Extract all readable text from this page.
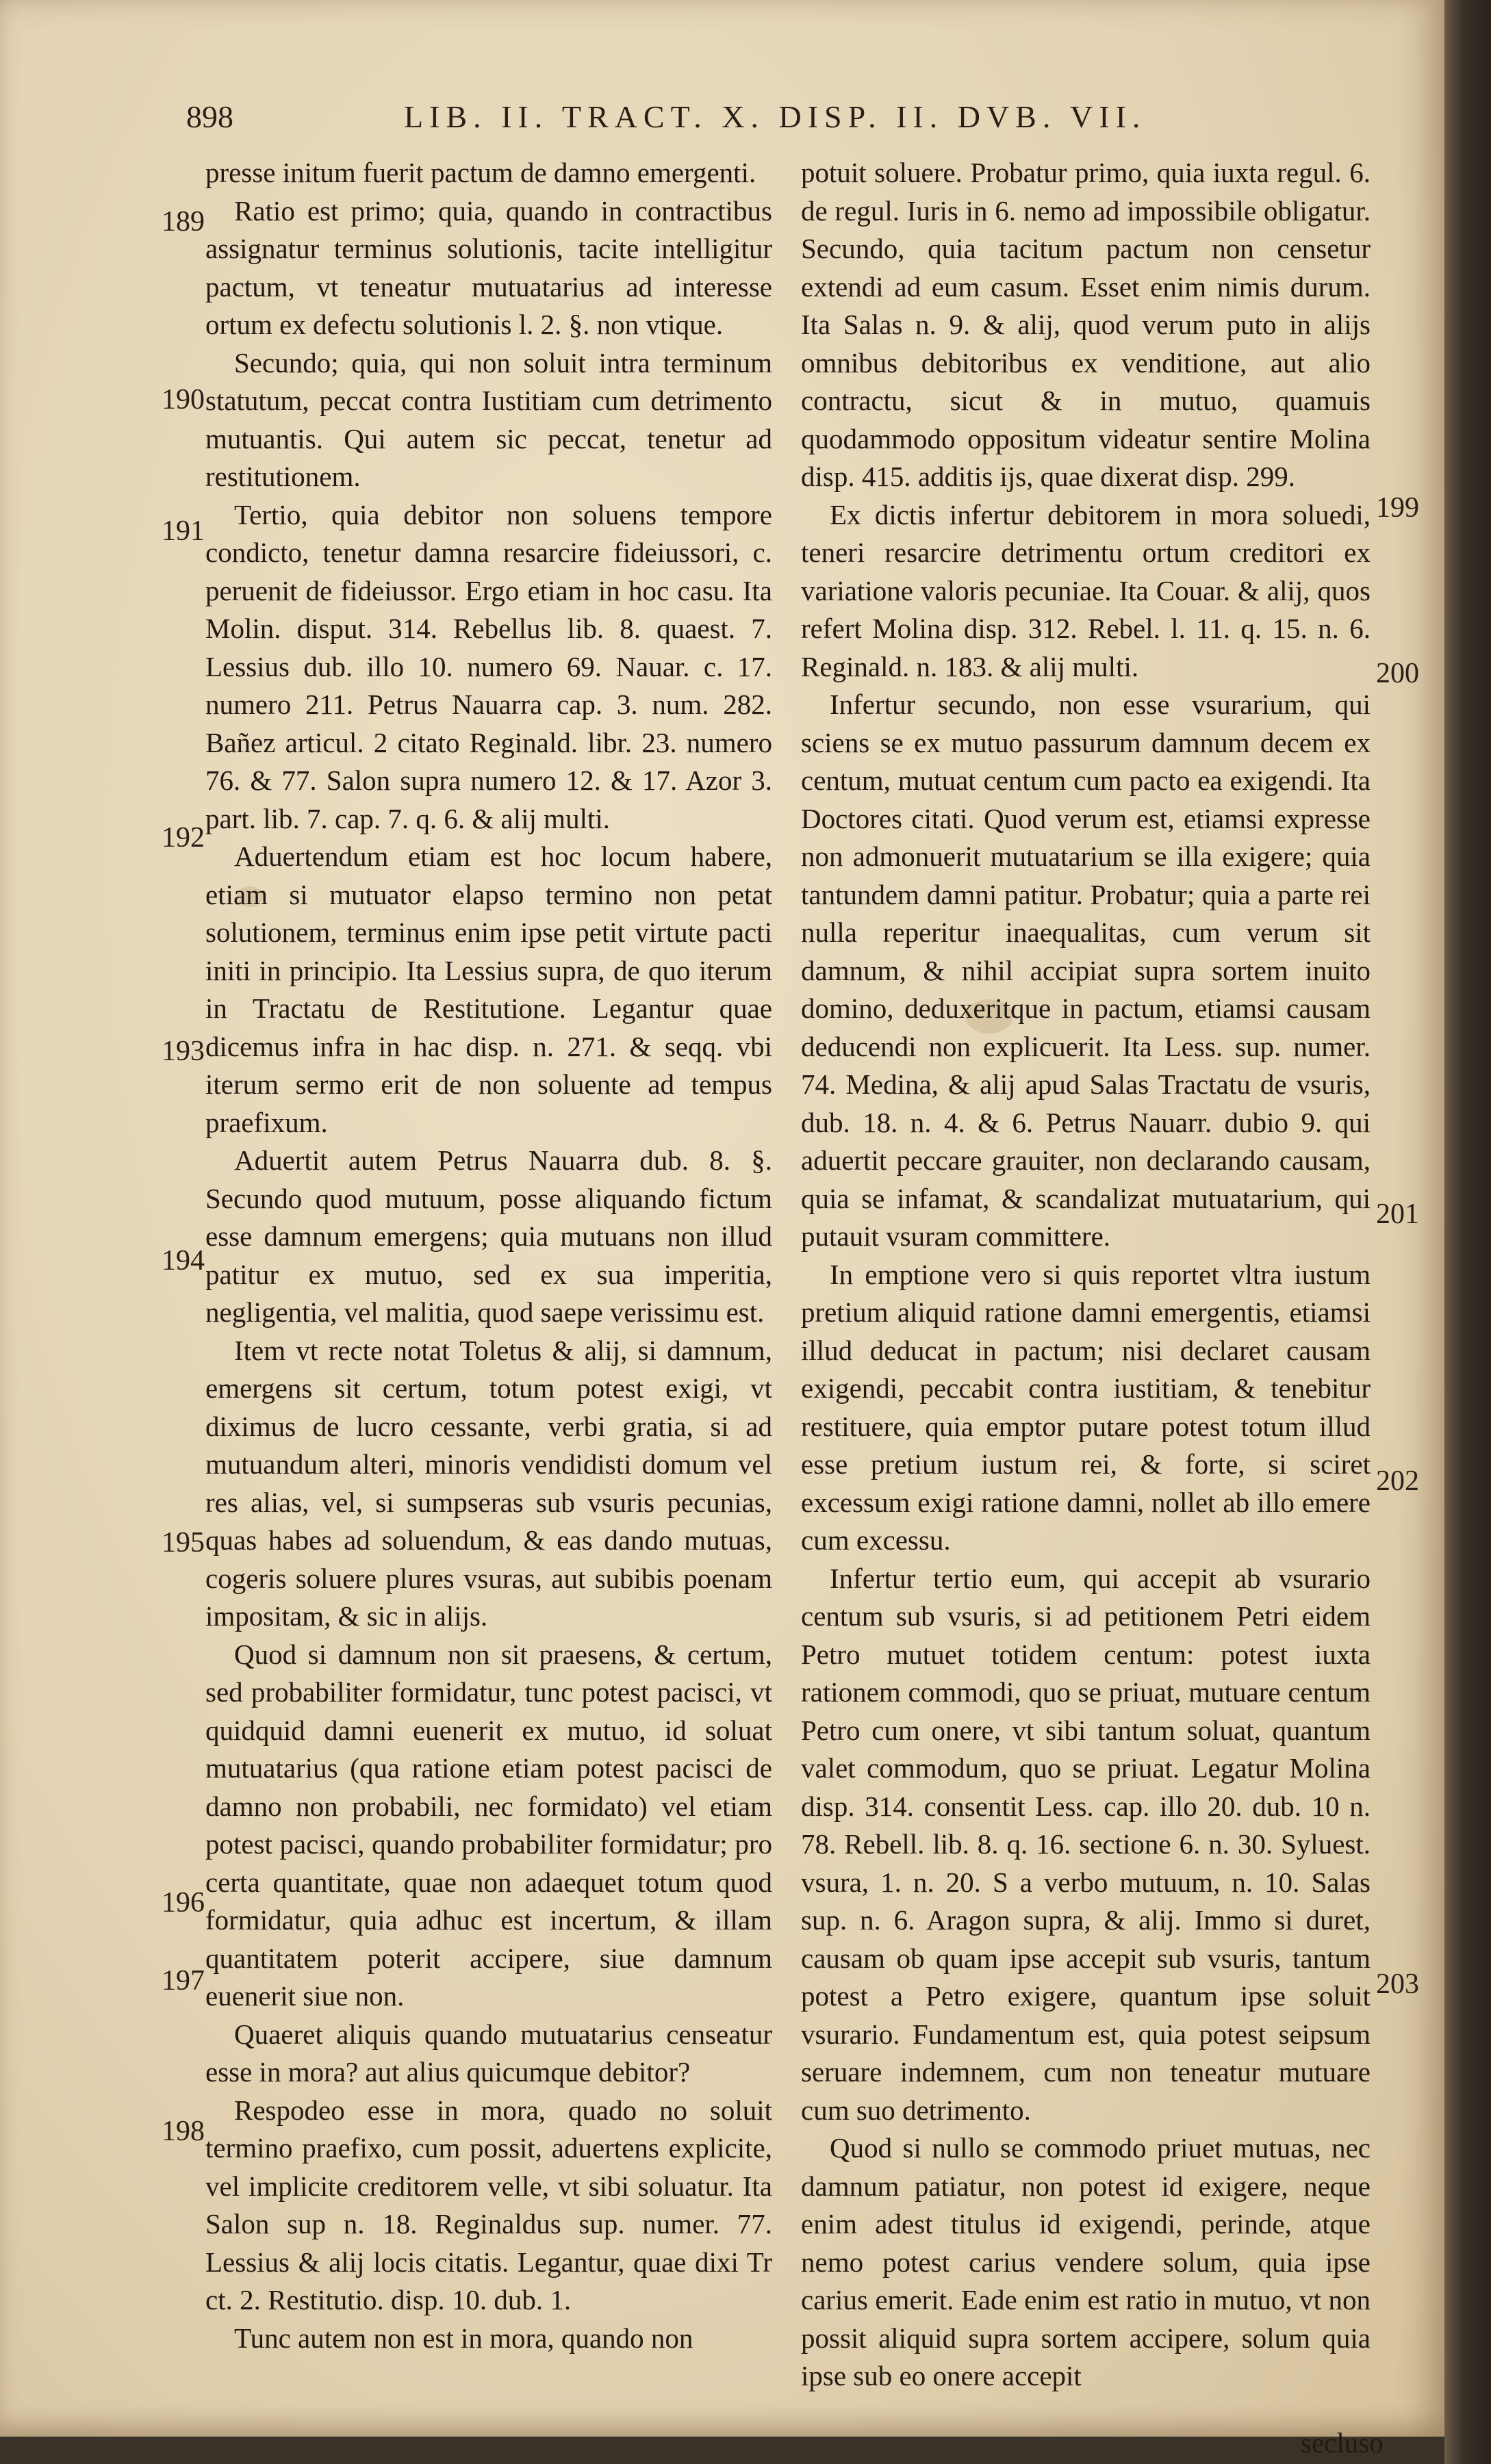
898	LIB. II. TRACT. X. DISP. II. DVB. VII.

presse initum fuerit pactum de damno emergenti.

Ratio est primo; quia, quando in contractibus assignatur terminus solutionis, tacite intelligitur pactum, vt teneatur mutuatarius ad interesse ortum ex defectu solutionis l. 2. §. non vtique.

Secundo; quia, qui non soluit intra terminum statutum, peccat contra Iustitiam cum detrimento mutuantis. Qui autem sic peccat, tenetur ad restitutionem.

Tertio, quia debitor non soluens tempore condicto, tenetur damna resarcire fideiussori, c. peruenit de fideiussor. Ergo etiam in hoc casu. Ita Molin. disput. 314. Rebellus lib. 8. quaest. 7. Lessius dub. illo 10. numero 69. Nauar. c. 17. numero 211. Petrus Nauarra cap. 3. num. 282. Bañez articul. 2 citato Reginald. libr. 23. numero 76. & 77. Salon supra numero 12. & 17. Azor 3. part. lib. 7. cap. 7. q. 6. & alij multi.

Aduertendum etiam est hoc locum habere, etiam si mutuator elapso termino non petat solutionem, terminus enim ipse petit virtute pacti initi in principio. Ita Lessius supra, de quo iterum in Tractatu de Restitutione. Legantur quae dicemus infra in hac disp. n. 271. & seqq. vbi iterum sermo erit de non soluente ad tempus praefixum.

Aduertit autem Petrus Nauarra dub. 8. §. Secundo quod mutuum, posse aliquando fictum esse damnum emergens; quia mutuans non illud patitur ex mutuo, sed ex sua imperitia, negligentia, vel malitia, quod saepe verissimu est.

Item vt recte notat Toletus & alij, si damnum, emergens sit certum, totum potest exigi, vt diximus de lucro cessante, verbi gratia, si ad mutuandum alteri, minoris vendidisti domum vel res alias, vel, si sumpseras sub vsuris pecunias, quas habes ad soluendum, & eas dando mutuas, cogeris soluere plures vsuras, aut subibis poenam impositam, & sic in alijs.

Quod si damnum non sit praesens, & certum, sed probabiliter formidatur, tunc potest pacisci, vt quidquid damni euenerit ex mutuo, id soluat mutuatarius (qua ratione etiam potest pacisci de damno non probabili, nec formidato) vel etiam potest pacisci, quando probabiliter formidatur; pro certa quantitate, quae non adaequet totum quod formidatur, quia adhuc est incertum, & illam quantitatem poterit accipere, siue damnum euenerit siue non.

Quaeret aliquis quando mutuatarius censeatur esse in mora? aut alius quicumque debitor?

Respodeo esse in mora, quado no soluit termino praefixo, cum possit, aduertens explicite, vel implicite creditorem velle, vt sibi soluatur. Ita Salon sup n. 18. Reginaldus sup. numer. 77. Lessius & alij locis citatis. Legantur, quae dixi Tr ct. 2. Restitutio. disp. 10. dub. 1.

Tunc autem non est in mora, quando non

potuit soluere. Probatur primo, quia iuxta regul. 6. de regul. Iuris in 6. nemo ad impossibile obligatur. Secundo, quia tacitum pactum non censetur extendi ad eum casum. Esset enim nimis durum. Ita Salas n. 9. & alij, quod verum puto in alijs omnibus debitoribus ex venditione, aut alio contractu, sicut & in mutuo, quamuis quodammodo oppositum videatur sentire Molina disp. 415. additis ijs, quae dixerat disp. 299.

Ex dictis infertur debitorem in mora soluedi, teneri resarcire detrimentu ortum creditori ex variatione valoris pecuniae. Ita Couar. & alij, quos refert Molina disp. 312. Rebel. l. 11. q. 15. n. 6. Reginald. n. 183. & alij multi.

Infertur secundo, non esse vsurarium, qui sciens se ex mutuo passurum damnum decem ex centum, mutuat centum cum pacto ea exigendi. Ita Doctores citati. Quod verum est, etiamsi expresse non admonuerit mutuatarium se illa exigere; quia tantundem damni patitur. Probatur; quia a parte rei nulla reperitur inaequalitas, cum verum sit damnum, & nihil accipiat supra sortem inuito domino, deduxeritque in pactum, etiamsi causam deducendi non explicuerit. Ita Less. sup. numer. 74. Medina, & alij apud Salas Tractatu de vsuris, dub. 18. n. 4. & 6. Petrus Nauarr. dubio 9. qui aduertit peccare grauiter, non declarando causam, quia se infamat, & scandalizat mutuatarium, qui putauit vsuram committere.

In emptione vero si quis reportet vltra iustum pretium aliquid ratione damni emergentis, etiamsi illud deducat in pactum; nisi declaret causam exigendi, peccabit contra iustitiam, & tenebitur restituere, quia emptor putare potest totum illud esse pretium iustum rei, & forte, si sciret excessum exigi ratione damni, nollet ab illo emere cum excessu.

Infertur tertio eum, qui accepit ab vsurario centum sub vsuris, si ad petitionem Petri eidem Petro mutuet totidem centum: potest iuxta rationem commodi, quo se priuat, mutuare centum Petro cum onere, vt sibi tantum soluat, quantum valet commodum, quo se priuat. Legatur Molina disp. 314. consentit Less. cap. illo 20. dub. 10 n. 78. Rebell. lib. 8. q. 16. sectione 6. n. 30. Syluest. vsura, 1. n. 20. S a verbo mutuum, n. 10. Salas sup. n. 6. Aragon supra, & alij. Immo si duret, causam ob quam ipse accepit sub vsuris, tantum potest a Petro exigere, quantum ipse soluit vsurario. Fundamentum est, quia potest seipsum seruare indemnem, cum non teneatur mutuare cum suo detrimento.

Quod si nullo se commodo priuet mutuas, nec damnum patiatur, non potest id exigere, neque enim adest titulus id exigendi, perinde, atque nemo potest carius vendere solum, quia ipse carius emerit. Eade enim est ratio in mutuo, vt non possit aliquid supra sortem accipere, solum quia ipse sub eo onere accepit

189
190
191
192
193
194
195
196
197
198
199
200
201
202
203
secluso
